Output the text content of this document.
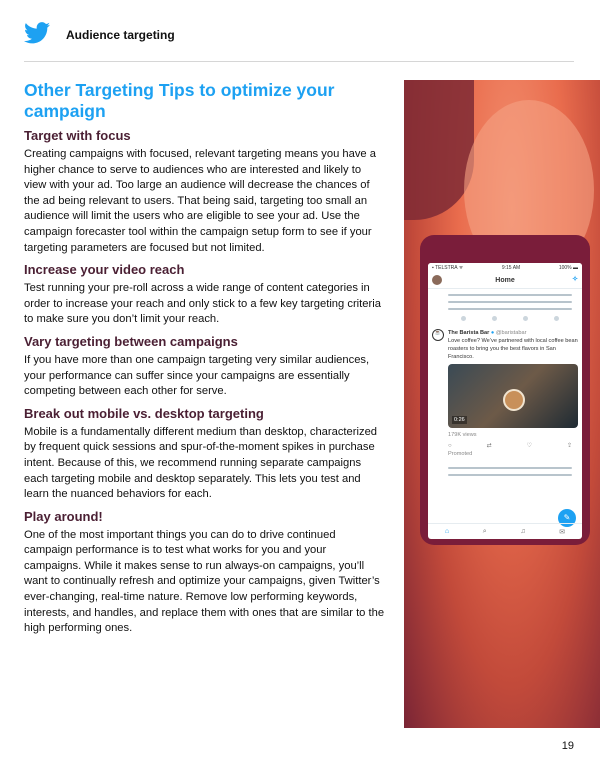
Audience targeting
Other Targeting Tips to optimize your campaign
Target with focus

Creating campaigns with focused, relevant targeting means you have a higher chance to serve to audiences who are interested and likely to view with your ad. Too large an audience will decrease the chances of the ad being relevant to users. That being said, targeting too small an audience will limit the users who are eligible to see your ad. Use the campaign forecaster tool within the campaign setup form to see if your targeting parameters are focused but not limited.

Increase your video reach

Test running your pre-roll across a wide range of content categories in order to increase your reach and only stick to a few key targeting criteria to make sure you don’t limit your reach.

Vary targeting between campaigns

If you have more than one campaign targeting very similar audiences, your performance can suffer since your campaigns are essentially competing between each other for serve.

Break out mobile vs. desktop targeting

Mobile is a fundamentally different medium than desktop, characterized by frequent quick sessions and spur-of-the-moment spikes in purchase intent. Because of this, we recommend running separate campaigns each targeting mobile and desktop separately. This lets you test and learn the nuanced behaviors for each.

Play around!

One of the most important things you can do to drive continued campaign performance is to test what works for you and your campaigns. While it makes sense to run always-on campaigns, you’ll want to continually refresh and optimize your campaigns, given Twitter’s ever-changing, real-time nature. Remove low performing keywords, interests, and handles, and replace them with ones that are similar to the high performing ones.

▪ TELSTRA ᯤ	9:15 AM	100% ▬
Home	✧
☕	The Barista Bar ● @baristabar
Love coffee? We’ve partnered with local coffee bean roasters to bring you the best flavors in San Francisco.
0:26
179K views
○	⇄	♡	⇪
Promoted
✎
⌂	⌕	♫	✉
19
